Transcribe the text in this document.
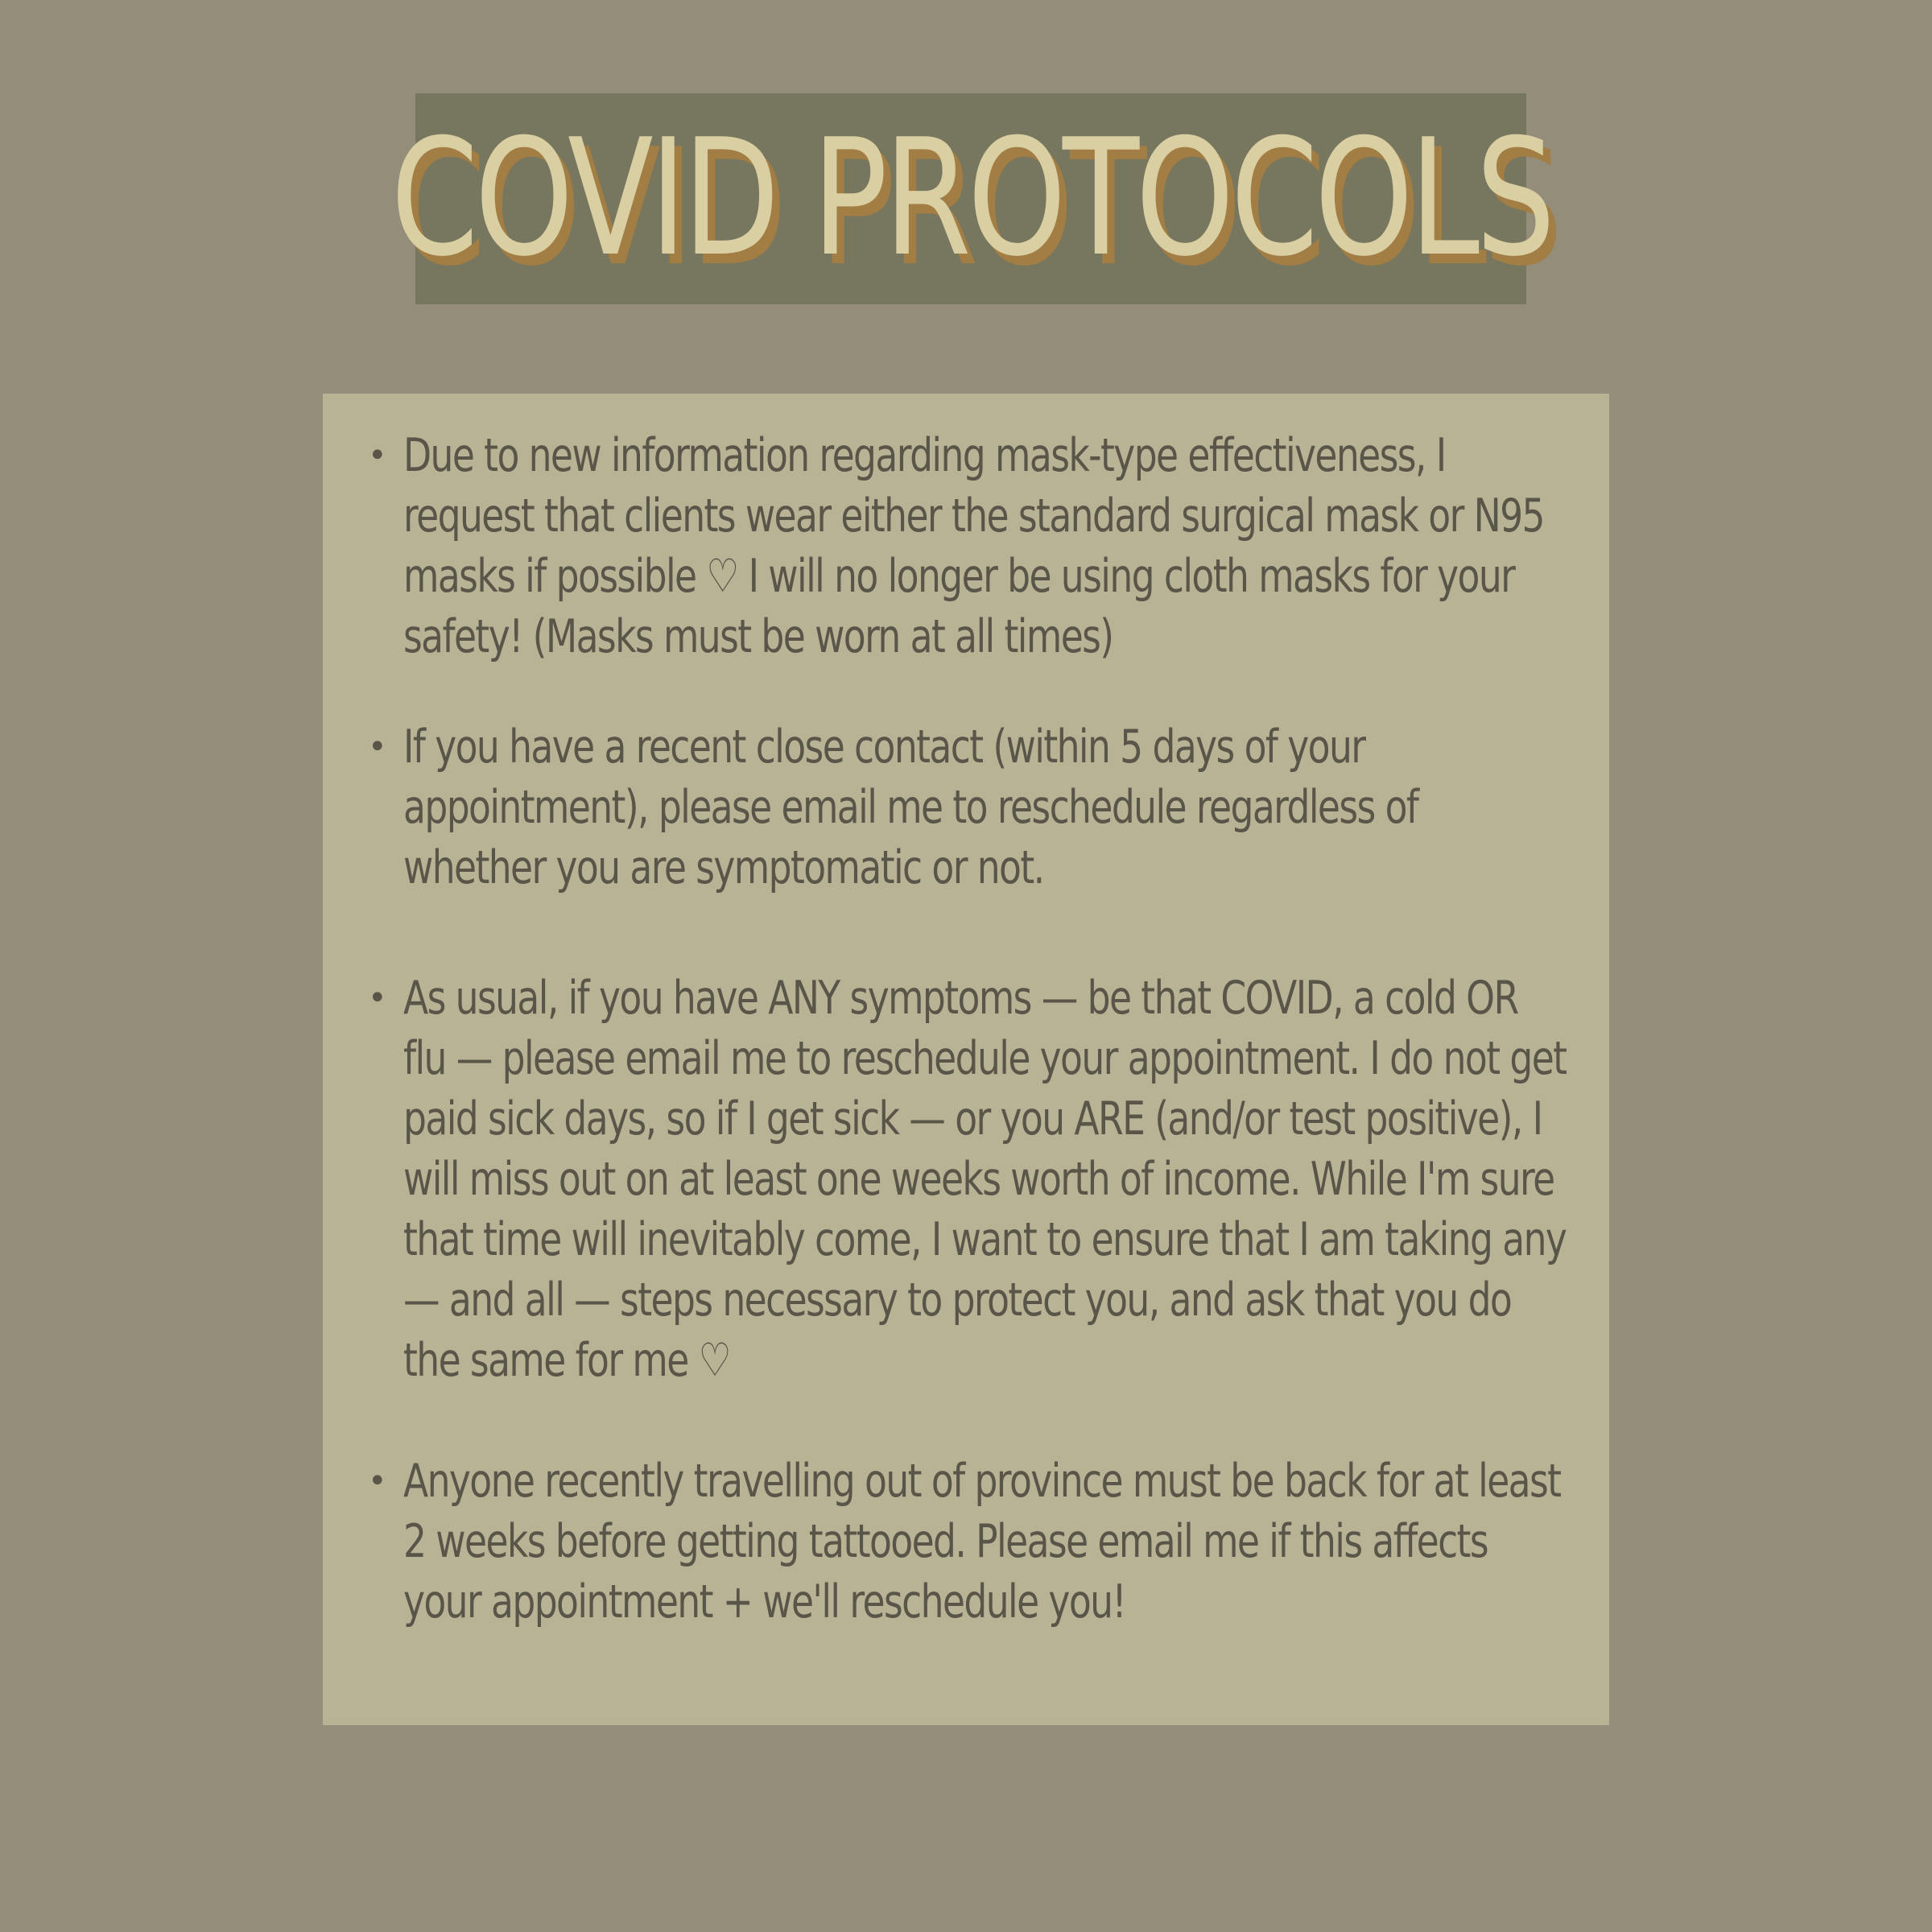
COVID PROTOCOLS
• Due to new information regarding mask-type effectiveness, I request that clients wear either the standard surgical mask or N95 masks if possible ♡ I will no longer be using cloth masks for your safety! (Masks must be worn at all times)
• If you have a recent close contact (within 5 days of your appointment), please email me to reschedule regardless of whether you are symptomatic or not.
• As usual, if you have ANY symptoms — be that COVID, a cold OR flu — please email me to reschedule your appointment. I do not get paid sick days, so if I get sick — or you ARE (and/or test positive), I will miss out on at least one weeks worth of income. While I'm sure that time will inevitably come, I want to ensure that I am taking any — and all — steps necessary to protect you, and ask that you do the same for me ♡
• Anyone recently travelling out of province must be back for at least 2 weeks before getting tattooed. Please email me if this affects your appointment + we'll reschedule you!
